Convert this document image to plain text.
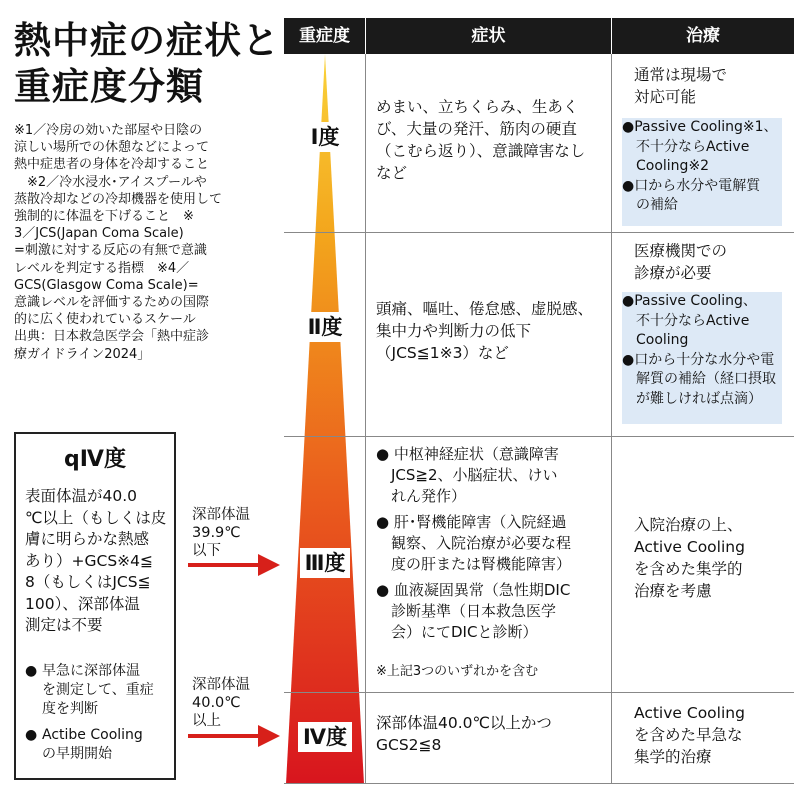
熱中症の症状と
重症度分類
※1／冷房の効いた部屋や日陰の
涼しい場所での休憩などによって
熱中症患者の身体を冷却すること
　※2／冷水浸水･アイスプールや
蒸散冷却などの冷却機器を使用して
強制的に体温を下げること　※
3／JCS(Japan Coma Scale)
=刺激に対する反応の有無で意識
レベルを判定する指標　※4／
GCS(Glasgow Coma Scale)=
意識レベルを評価するための国際
的に広く使われているスケール
出典：日本救急医学会「熱中症診
療ガイドライン2024」
qⅣ度
表面体温が40.0
℃以上（もしくは皮
膚に明らかな熱感
あり）+GCS※4≦
8（もしくはJCS≦
100）、深部体温
測定は不要
● 早急に深部体温
を測定して、重症
度を判断
● Actibe Cooling
の早期開始
深部体温
39.9℃
以下
深部体温
40.0℃
以上
重症度	症状	治療
Ⅰ度
めまい、立ちくらみ、生あく
び、大量の発汗、筋肉の硬直
（こむら返り）、意識障害なし
など
通常は現場で
対応可能
●Passive Cooling※1、
　不十分ならActive
　Cooling※2
●口から水分や電解質
　の補給
Ⅱ度
頭痛、嘔吐、倦怠感、虚脱感、
集中力や判断力の低下
（JCS≦1※3）など
医療機関での
診療が必要
●Passive Cooling、
　不十分ならActive
　Cooling
●口から十分な水分や電
　解質の補給（経口摂取
　が難しければ点滴）
Ⅲ度
● 中枢神経症状（意識障害
　JCS≧2、小脳症状、けい
　れん発作）
● 肝･腎機能障害（入院経過
　観察、入院治療が必要な程
　度の肝または腎機能障害）
● 血液凝固異常（急性期DIC
　診断基準（日本救急医学
　会）にてDICと診断）
※上記3つのいずれかを含む
入院治療の上、
Active Cooling
を含めた集学的
治療を考慮
Ⅳ度
深部体温40.0℃以上かつ
GCS2≦8
Active Cooling
を含めた早急な
集学的治療
